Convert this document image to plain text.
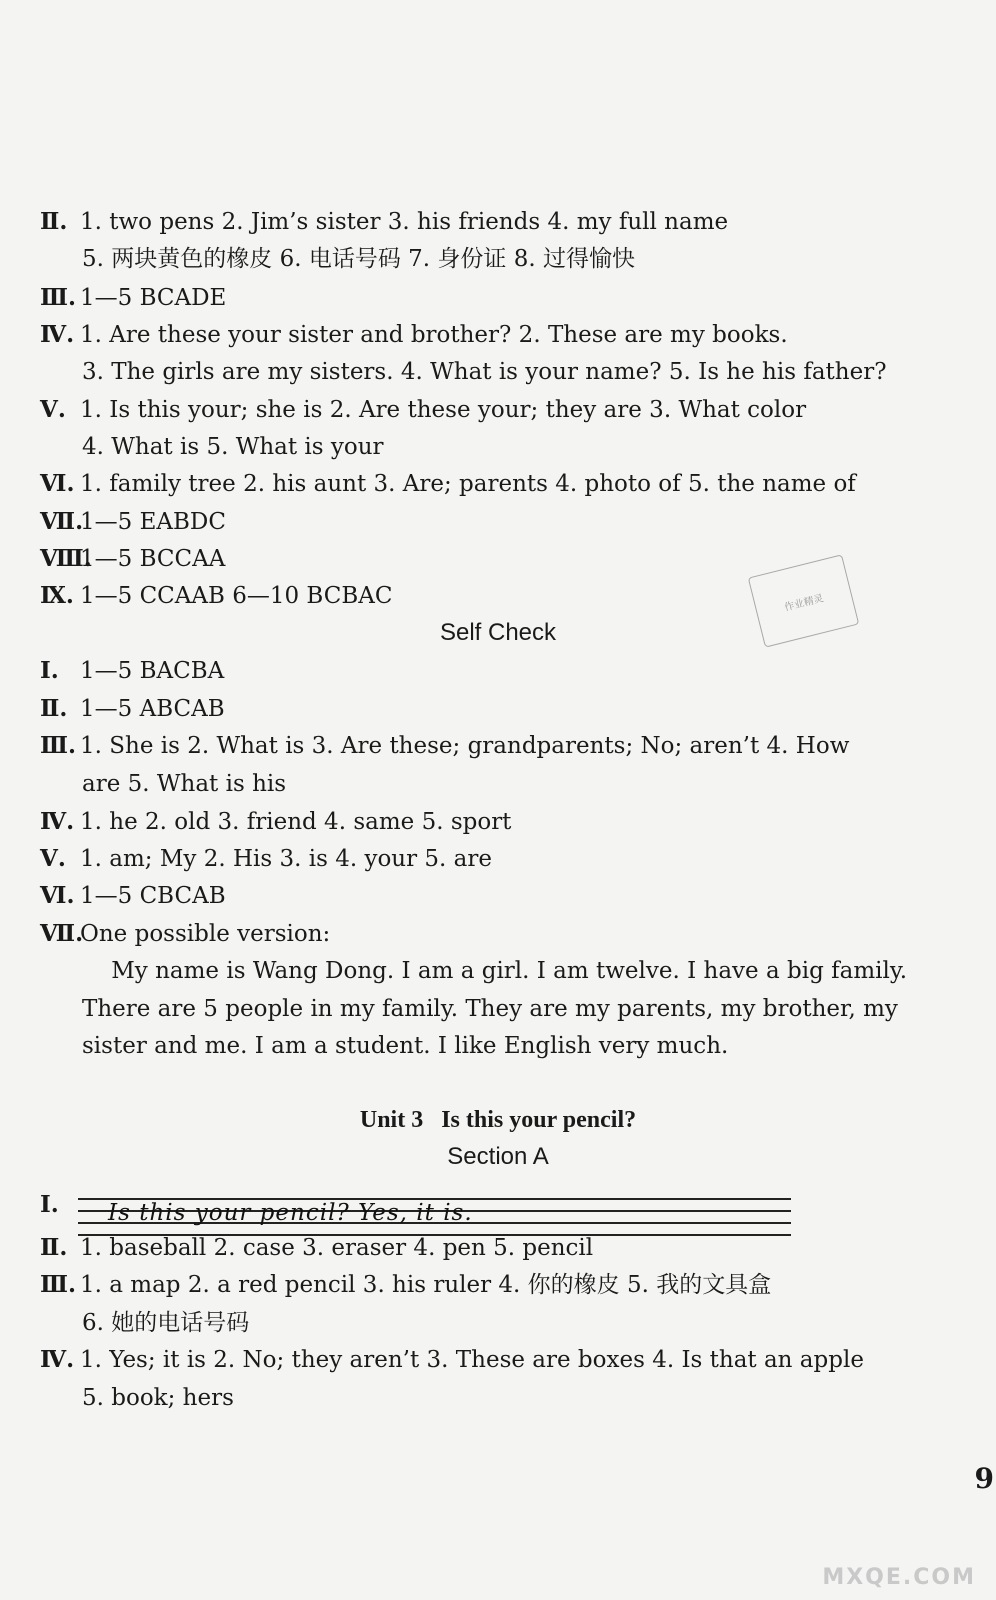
Ⅱ. 1. two pens 2. Jim’s sister 3. his friends 4. my full name
5. 两块黄色的橡皮 6. 电话号码 7. 身份证 8. 过得愉快
Ⅲ. 1—5 BCADE
Ⅳ. 1. Are these your sister and brother? 2. These are my books.
3. The girls are my sisters. 4. What is your name? 5. Is he his father?
Ⅴ. 1. Is this your; she is 2. Are these your; they are 3. What color
4. What is 5. What is your
Ⅵ. 1. family tree 2. his aunt 3. Are; parents 4. photo of 5. the name of
Ⅶ.1—5 EABDC
Ⅷ.1—5 BCCAA
Ⅸ. 1—5 CCAAB 6—10 BCBAC	作业精灵
Self Check
Ⅰ. 1—5 BACBA
Ⅱ. 1—5 ABCAB
Ⅲ. 1. She is 2. What is 3. Are these; grandparents; No; aren’t 4. How
are 5. What is his
Ⅳ. 1. he 2. old 3. friend 4. same 5. sport
Ⅴ. 1. am; My 2. His 3. is 4. your 5. are
Ⅵ. 1—5 CBCAB
Ⅶ.One possible version:
My name is Wang Dong. I am a girl. I am twelve. I have a big family.
There are 5 people in my family. They are my parents, my brother, my
sister and me. I am a student. I like English very much.
Unit 3   Is this your pencil?
Section A
Ⅰ.	Is this your pencil? Yes, it is.
Ⅱ. 1. baseball 2. case 3. eraser 4. pen 5. pencil
Ⅲ. 1. a map 2. a red pencil 3. his ruler 4. 你的橡皮 5. 我的文具盒
6. 她的电话号码
Ⅳ. 1. Yes; it is 2. No; they aren’t 3. These are boxes 4. Is that an apple
5. book; hers
9
MXQE.COM
